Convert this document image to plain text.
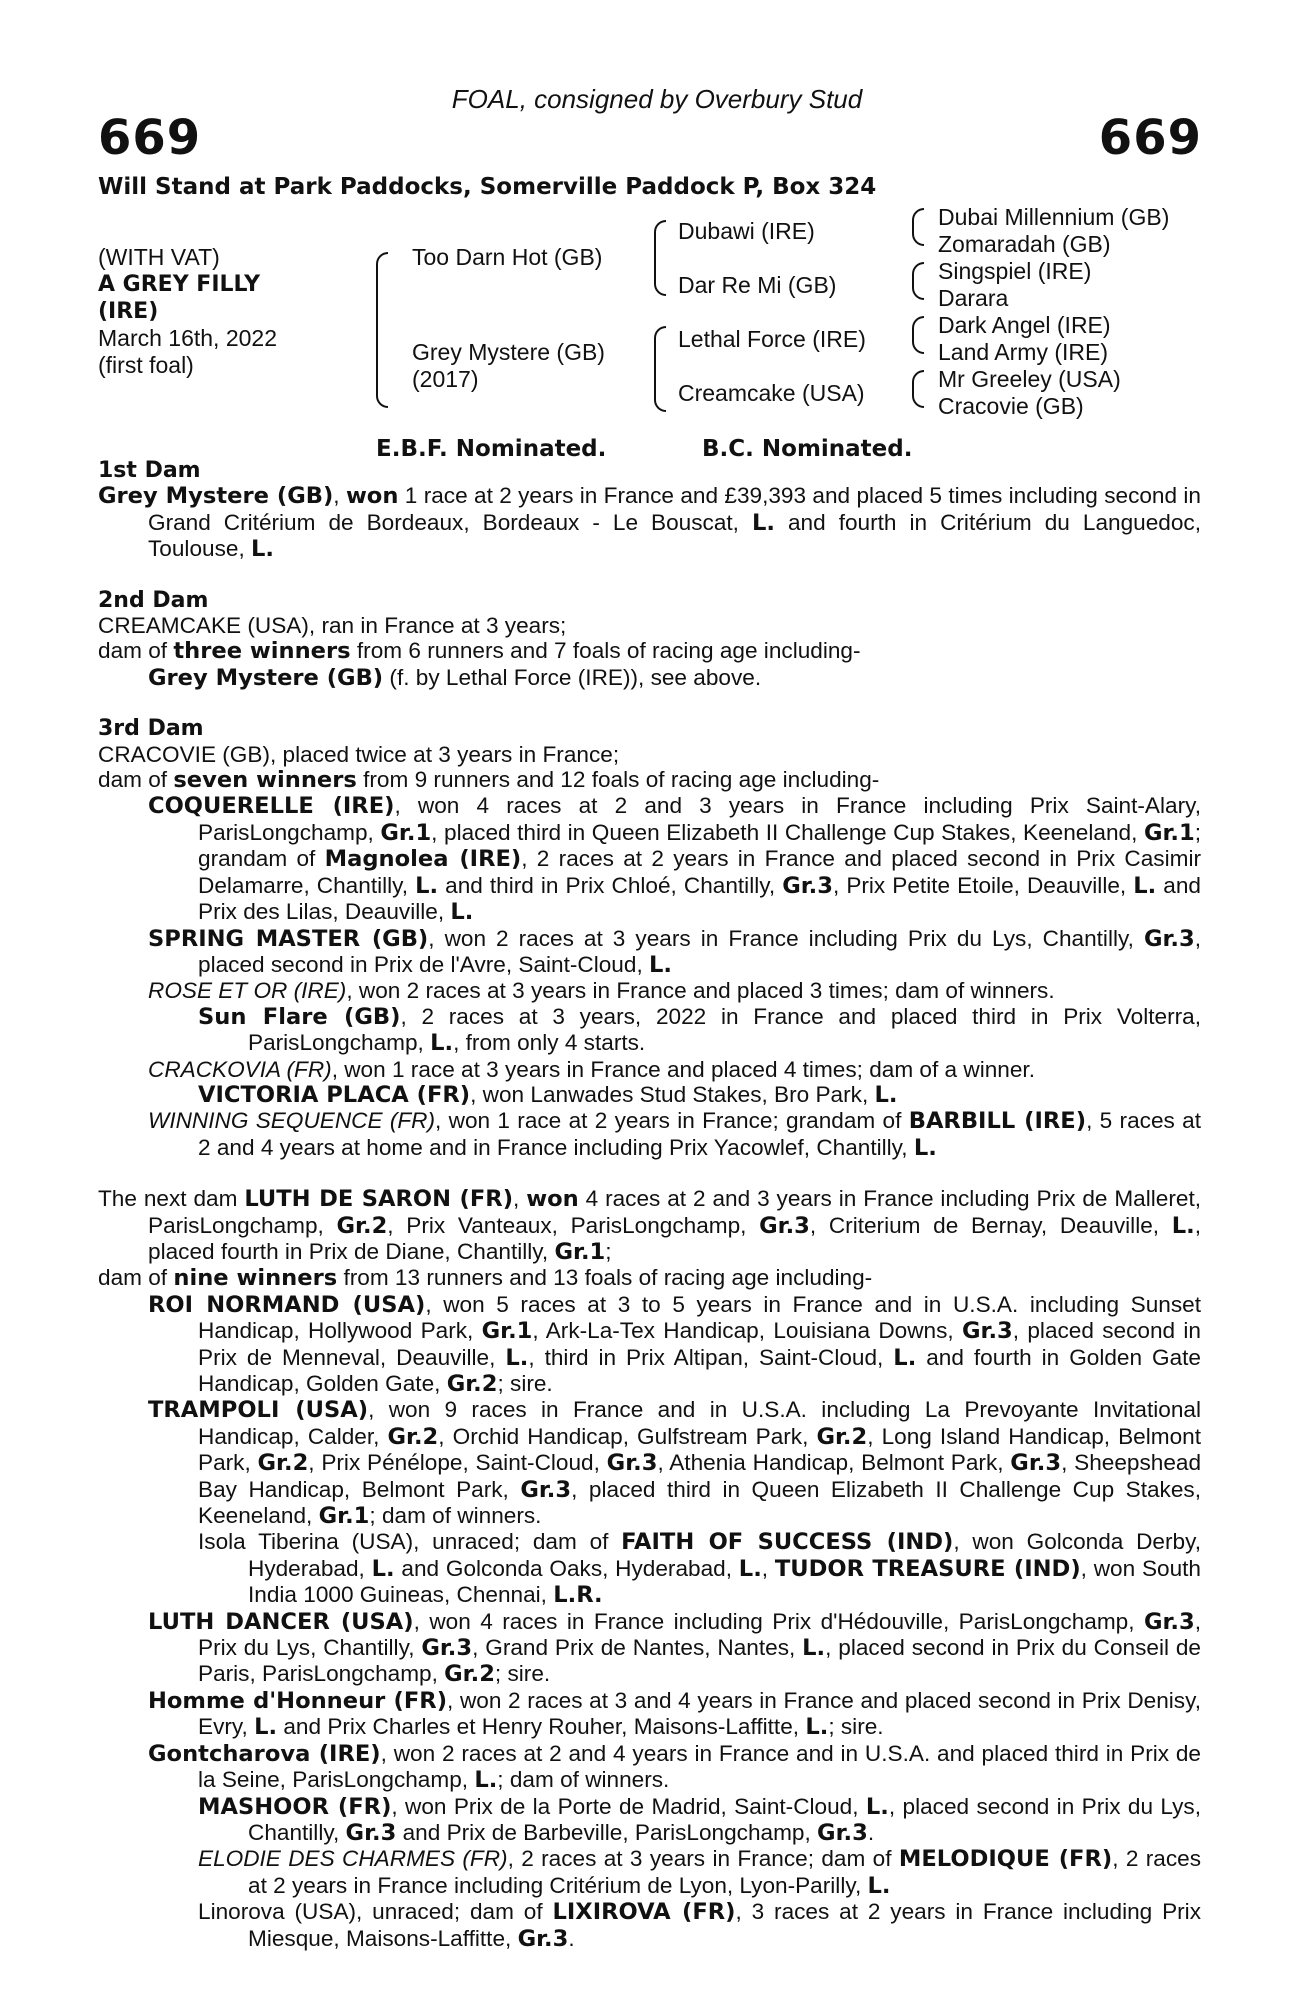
FOAL, consigned by Overbury Stud
669	669
Will Stand at Park Paddocks, Somerville Paddock P, Box 324
(WITH VAT)
A GREY FILLY
(IRE)
March 16th, 2022
(first foal)
Too Darn Hot (GB)
Grey Mystere (GB)
(2017)
Dubawi (IRE)
Dar Re Mi (GB)
Lethal Force (IRE)
Creamcake (USA)
Dubai Millennium (GB)
Zomaradah (GB)
Singspiel (IRE)
Darara
Dark Angel (IRE)
Land Army (IRE)
Mr Greeley (USA)
Cracovie (GB)
E.B.F. Nominated.	B.C. Nominated.

1st Dam

Grey Mystere (GB), won 1 race at 2 years in France and £39,393 and placed 5 times including second in Grand Critérium de Bordeaux, Bordeaux - Le Bouscat, L. and fourth in Critérium du Languedoc, Toulouse, L.

2nd Dam

CREAMCAKE (USA), ran in France at 3 years;

dam of three winners from 6 runners and 7 foals of racing age including-

Grey Mystere (GB) (f. by Lethal Force (IRE)), see above.

3rd Dam

CRACOVIE (GB), placed twice at 3 years in France;

dam of seven winners from 9 runners and 12 foals of racing age including-

COQUERELLE (IRE), won 4 races at 2 and 3 years in France including Prix Saint-Alary, ParisLongchamp, Gr.1, placed third in Queen Elizabeth II Challenge Cup Stakes, Keeneland, Gr.1; grandam of Magnolea (IRE), 2 races at 2 years in France and placed second in Prix Casimir Delamarre, Chantilly, L. and third in Prix Chloé, Chantilly, Gr.3, Prix Petite Etoile, Deauville, L. and Prix des Lilas, Deauville, L.

SPRING MASTER (GB), won 2 races at 3 years in France including Prix du Lys, Chantilly, Gr.3, placed second in Prix de l'Avre, Saint-Cloud, L.

ROSE ET OR (IRE), won 2 races at 3 years in France and placed 3 times; dam of winners.

Sun Flare (GB), 2 races at 3 years, 2022 in France and placed third in Prix Volterra, ParisLongchamp, L., from only 4 starts.

CRACKOVIA (FR), won 1 race at 3 years in France and placed 4 times; dam of a winner.

VICTORIA PLACA (FR), won Lanwades Stud Stakes, Bro Park, L.

WINNING SEQUENCE (FR), won 1 race at 2 years in France; grandam of BARBILL (IRE), 5 races at 2 and 4 years at home and in France including Prix Yacowlef, Chantilly, L.

The next dam LUTH DE SARON (FR), won 4 races at 2 and 3 years in France including Prix de Malleret, ParisLongchamp, Gr.2, Prix Vanteaux, ParisLongchamp, Gr.3, Criterium de Bernay, Deauville, L., placed fourth in Prix de Diane, Chantilly, Gr.1;

dam of nine winners from 13 runners and 13 foals of racing age including-

ROI NORMAND (USA), won 5 races at 3 to 5 years in France and in U.S.A. including Sunset Handicap, Hollywood Park, Gr.1, Ark-La-Tex Handicap, Louisiana Downs, Gr.3, placed second in Prix de Menneval, Deauville, L., third in Prix Altipan, Saint-Cloud, L. and fourth in Golden Gate Handicap, Golden Gate, Gr.2; sire.

TRAMPOLI (USA), won 9 races in France and in U.S.A. including La Prevoyante Invitational Handicap, Calder, Gr.2, Orchid Handicap, Gulfstream Park, Gr.2, Long Island Handicap, Belmont Park, Gr.2, Prix Pénélope, Saint-Cloud, Gr.3, Athenia Handicap, Belmont Park, Gr.3, Sheepshead Bay Handicap, Belmont Park, Gr.3, placed third in Queen Elizabeth II Challenge Cup Stakes, Keeneland, Gr.1; dam of winners.

Isola Tiberina (USA), unraced; dam of FAITH OF SUCCESS (IND), won Golconda Derby, Hyderabad, L. and Golconda Oaks, Hyderabad, L., TUDOR TREASURE (IND), won South India 1000 Guineas, Chennai, L.R.

LUTH DANCER (USA), won 4 races in France including Prix d'Hédouville, ParisLongchamp, Gr.3, Prix du Lys, Chantilly, Gr.3, Grand Prix de Nantes, Nantes, L., placed second in Prix du Conseil de Paris, ParisLongchamp, Gr.2; sire.

Homme d'Honneur (FR), won 2 races at 3 and 4 years in France and placed second in Prix Denisy, Evry, L. and Prix Charles et Henry Rouher, Maisons-Laffitte, L.; sire.

Gontcharova (IRE), won 2 races at 2 and 4 years in France and in U.S.A. and placed third in Prix de la Seine, ParisLongchamp, L.; dam of winners.

MASHOOR (FR), won Prix de la Porte de Madrid, Saint-Cloud, L., placed second in Prix du Lys, Chantilly, Gr.3 and Prix de Barbeville, ParisLongchamp, Gr.3.

ELODIE DES CHARMES (FR), 2 races at 3 years in France; dam of MELODIQUE (FR), 2 races at 2 years in France including Critérium de Lyon, Lyon-Parilly, L.

Linorova (USA), unraced; dam of LIXIROVA (FR), 3 races at 2 years in France including Prix Miesque, Maisons-Laffitte, Gr.3.
